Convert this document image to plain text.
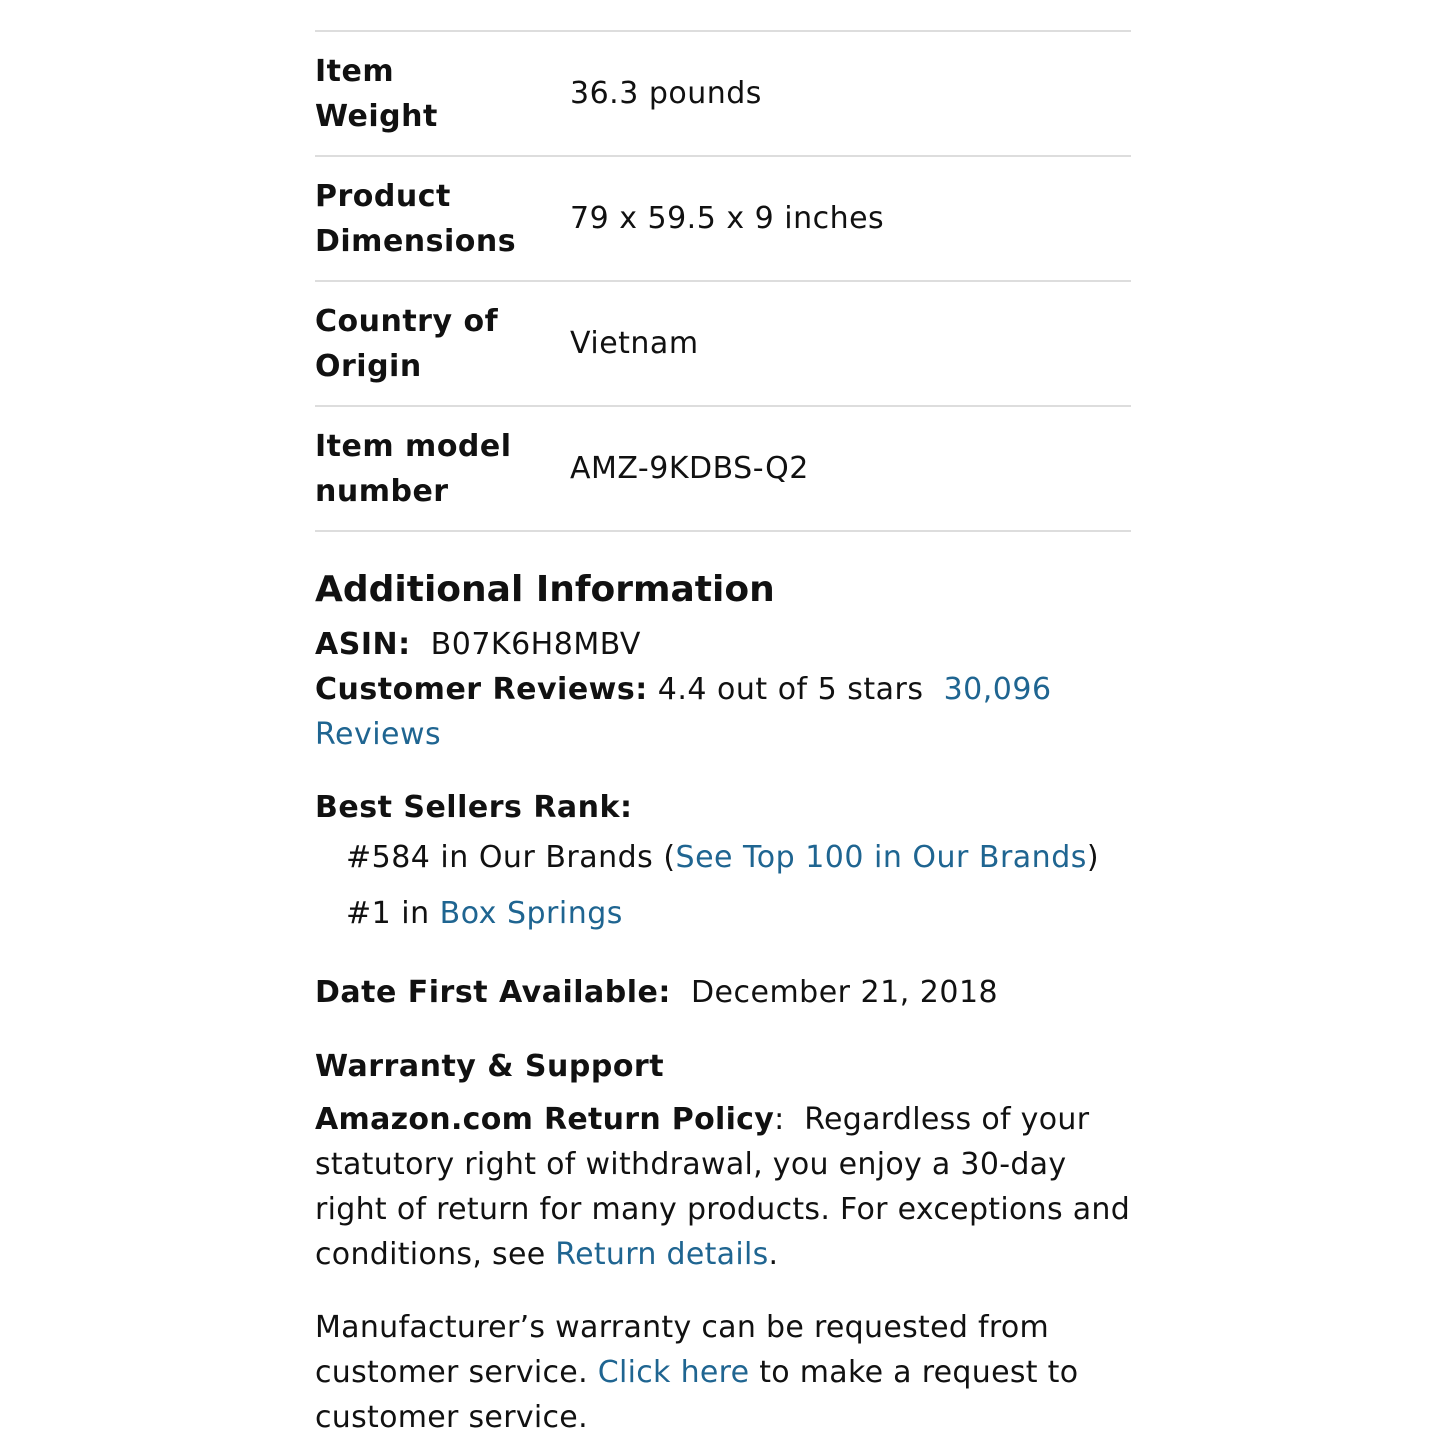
Item
Weight
36.3 pounds
Product
Dimensions
79 x 59.5 x 9 inches
Country of
Origin
Vietnam
Item model
number
AMZ-9KDBS-Q2
Additional Information
ASIN: B07K6H8MBV
Customer Reviews: 4.4 out of 5 stars 30,096
Reviews
Best Sellers Rank:
#584 in Our Brands (See Top 100 in Our Brands)
#1 in Box Springs
Date First Available: December 21, 2018
Warranty & Support
Amazon.com Return Policy: Regardless of your
statutory right of withdrawal, you enjoy a 30-day
right of return for many products. For exceptions and
conditions, see Return details.
Manufacturer’s warranty can be requested from
customer service. Click here to make a request to
customer service.
